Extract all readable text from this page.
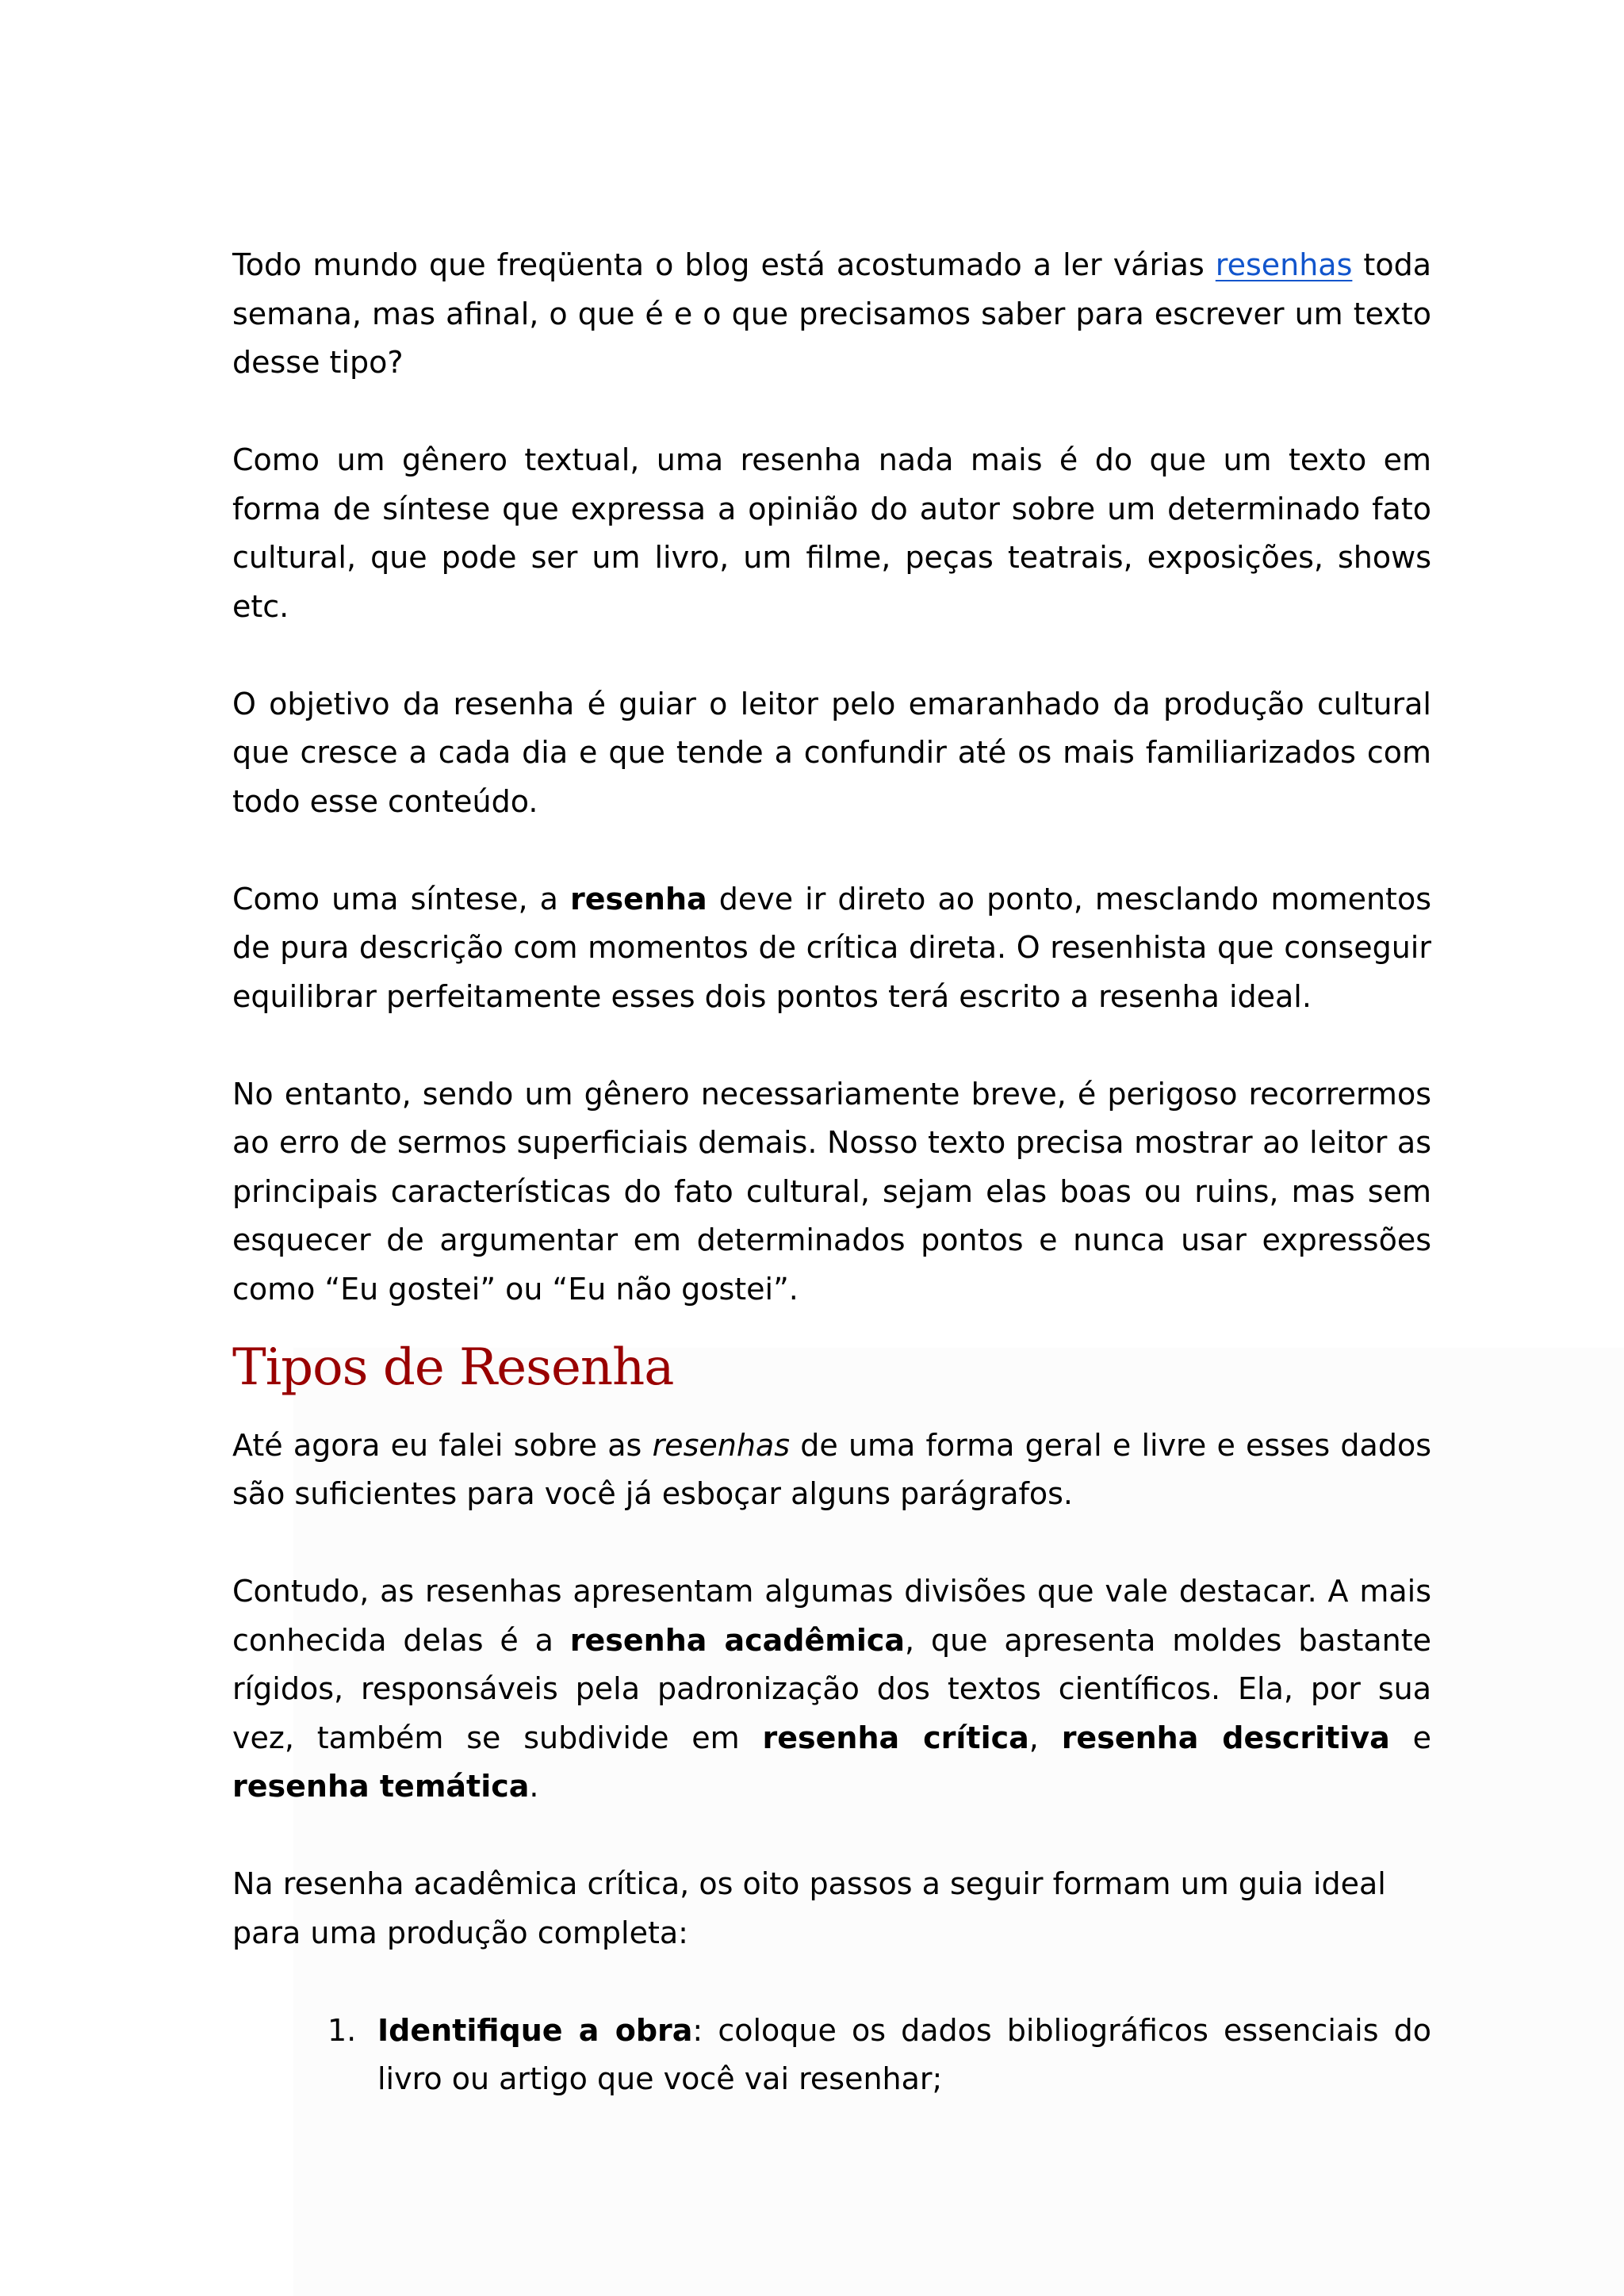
Todo mundo que freqüenta o blog está acostumado a ler várias resenhas toda semana, mas afinal, o que é e o que precisamos saber para escrever um texto desse tipo?

Como um gênero textual, uma resenha nada mais é do que um texto em forma de síntese que expressa a opinião do autor sobre um determinado fato cultural, que pode ser um livro, um filme, peças teatrais, exposições, shows etc.

O objetivo da resenha é guiar o leitor pelo emaranhado da produção cultural que cresce a cada dia e que tende a confundir até os mais familiarizados com todo esse conteúdo.

Como uma síntese, a resenha deve ir direto ao ponto, mesclando momentos de pura descrição com momentos de crítica direta. O resenhista que conseguir equilibrar perfeitamente esses dois pontos terá escrito a resenha ideal.

No entanto, sendo um gênero necessariamente breve, é perigoso recorrermos ao erro de sermos superficiais demais. Nosso texto precisa mostrar ao leitor as principais características do fato cultural, sejam elas boas ou ruins, mas sem esquecer de argumentar em determinados pontos e nunca usar expressões como “Eu gostei” ou “Eu não gostei”.

Tipos de Resenha

Até agora eu falei sobre as resenhas de uma forma geral e livre e esses dados são suficientes para você já esboçar alguns parágrafos.

Contudo, as resenhas apresentam algumas divisões que vale destacar. A mais conhecida delas é a resenha acadêmica, que apresenta moldes bastante rígidos, responsáveis pela padronização dos textos científicos. Ela, por sua vez, também se subdivide em resenha crítica, resenha descritiva e resenha temática.

Na resenha acadêmica crítica, os oito passos a seguir formam um guia ideal para uma produção completa:

1. Identifique a obra: coloque os dados bibliográficos essenciais do livro ou artigo que você vai resenhar;
